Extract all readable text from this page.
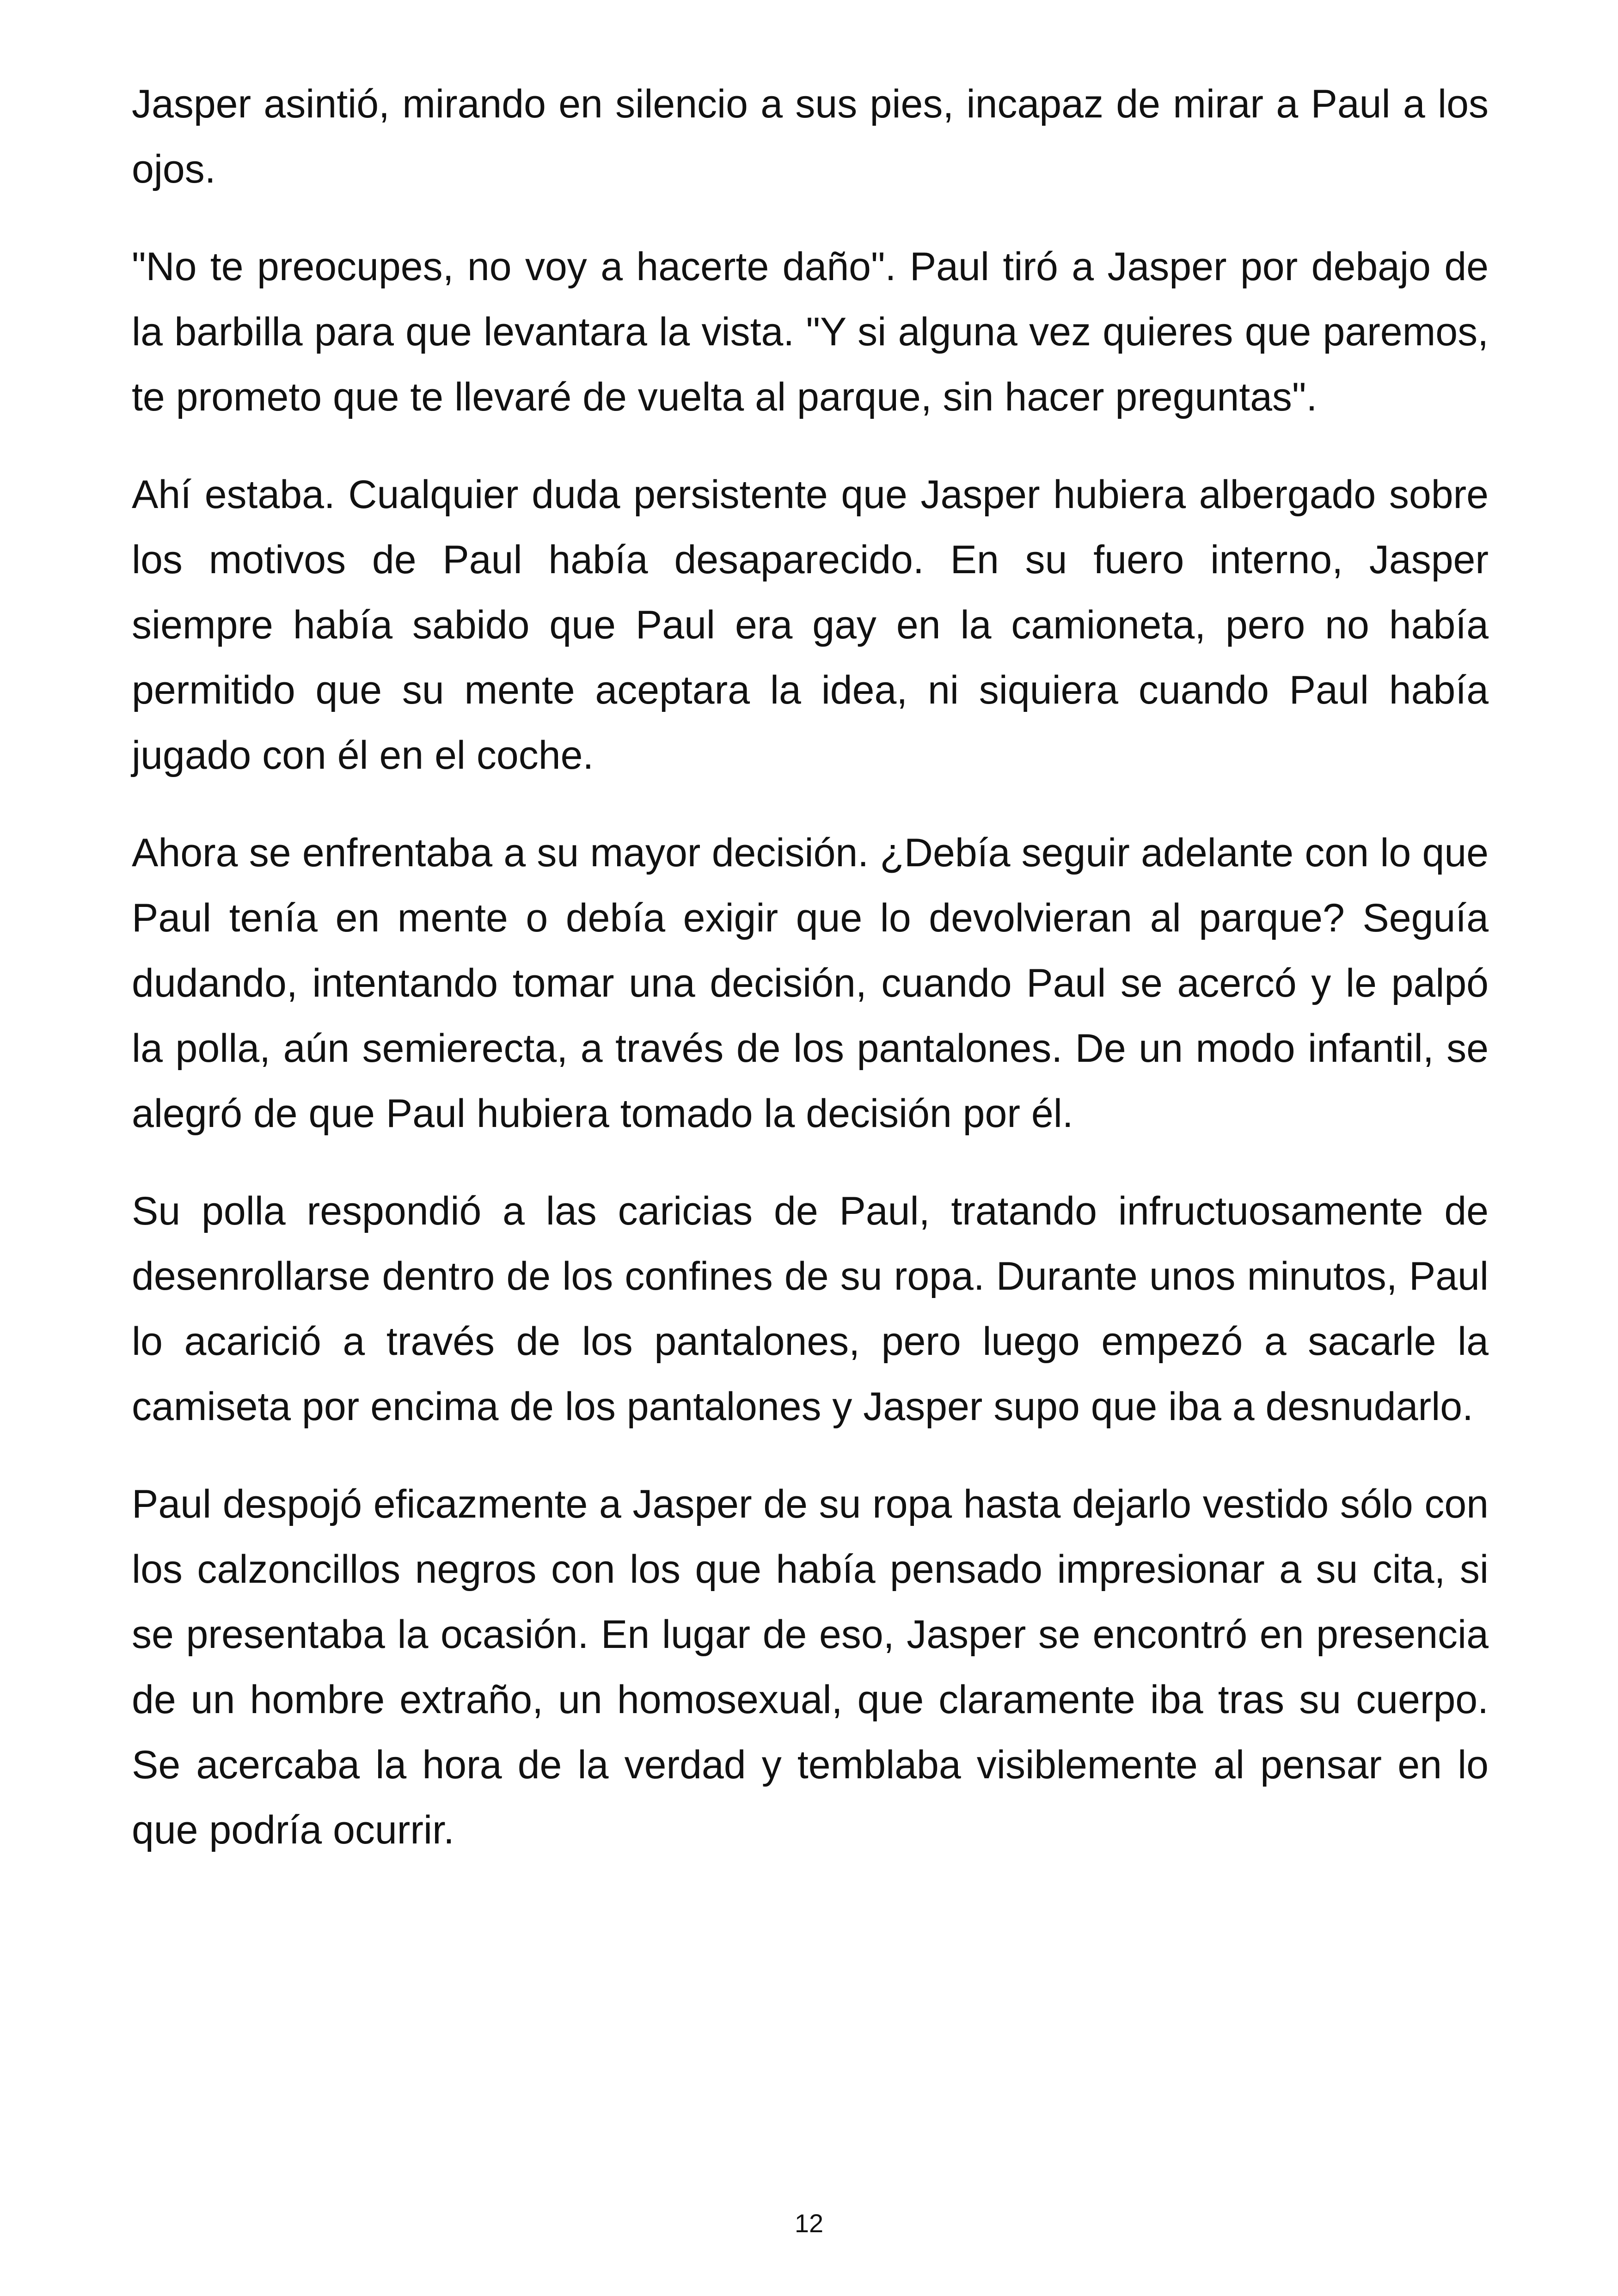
Jasper asintió, mirando en silencio a sus pies, incapaz de mirar a Paul a los ojos.

"No te preocupes, no voy a hacerte daño". Paul tiró a Jasper por debajo de la barbilla para que levantara la vista. "Y si alguna vez quieres que paremos, te prometo que te llevaré de vuelta al parque, sin hacer preguntas".

Ahí estaba. Cualquier duda persistente que Jasper hubiera albergado sobre los motivos de Paul había desaparecido. En su fuero interno, Jasper siempre había sabido que Paul era gay en la camioneta, pero no había permitido que su mente aceptara la idea, ni siquiera cuando Paul había jugado con él en el coche.

Ahora se enfrentaba a su mayor decisión. ¿Debía seguir adelante con lo que Paul tenía en mente o debía exigir que lo devolvieran al parque? Seguía dudando, intentando tomar una decisión, cuando Paul se acercó y le palpó la polla, aún semierecta, a través de los pantalones. De un modo infantil, se alegró de que Paul hubiera tomado la decisión por él.

Su polla respondió a las caricias de Paul, tratando infructuosamente de desenrollarse dentro de los confines de su ropa. Durante unos minutos, Paul lo acarició a través de los pantalones, pero luego empezó a sacarle la camiseta por encima de los pantalones y Jasper supo que iba a desnudarlo.

Paul despojó eficazmente a Jasper de su ropa hasta dejarlo vestido sólo con los calzoncillos negros con los que había pensado impresionar a su cita, si se presentaba la ocasión. En lugar de eso, Jasper se encontró en presencia de un hombre extraño, un homosexual, que claramente iba tras su cuerpo. Se acercaba la hora de la verdad y temblaba visiblemente al pensar en lo que podría ocurrir.

12
